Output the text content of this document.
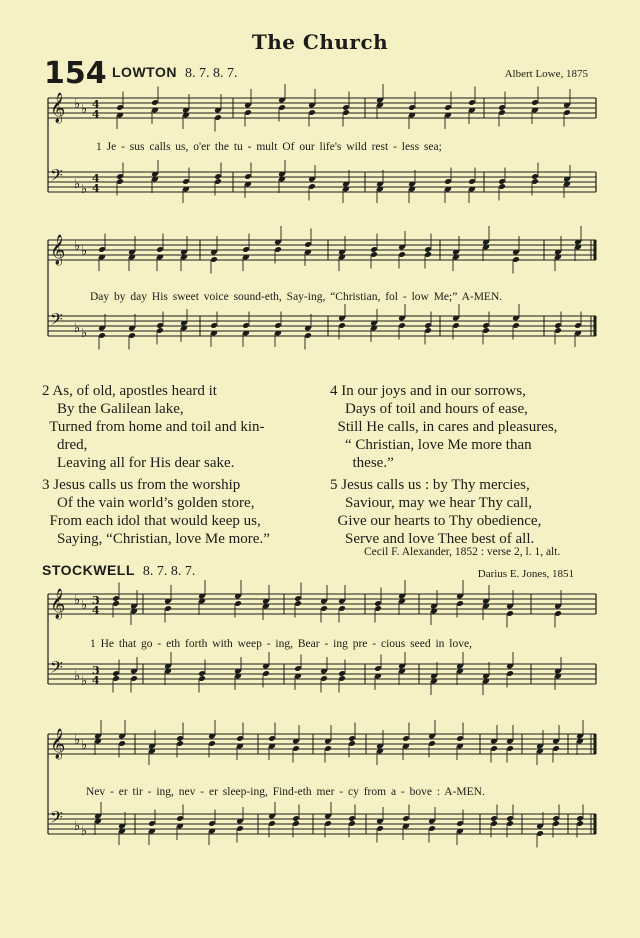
The Church
154 LOWTON 8. 7. 8. 7.	Albert Lowe, 1875
𝄞 ♭ ♭ 4
4
𝄢 ♭ ♭
4
4
1 Je - sus calls us, o'er the tu - mult Of our life's wild rest - less sea;
𝄞 ♭ ♭
𝄢 ♭ ♭
Day by day His sweet voice sound-eth, Say-ing, “Christian, fol - low Me;” A-MEN.
2 As, of old, apostles heard it
By the Galilean lake,
Turned from home and toil and kin-
dred,
Leaving all for His dear sake.
4 In our joys and in our sorrows,
Days of toil and hours of ease,
Still He calls, in cares and pleasures,
“ Christian, love Me more than
these.”
3 Jesus calls us from the worship
Of the vain world’s golden store,
From each idol that would keep us,
Saying, “Christian, love Me more.”
5 Jesus calls us : by Thy mercies,
Saviour, may we hear Thy call,
Give our hearts to Thy obedience,
Serve and love Thee best of all.
Cecil F. Alexander, 1852 : verse 2, l. 1, alt.
STOCKWELL 8. 7. 8. 7.	Darius E. Jones, 1851
𝄞 ♭ ♭ 3
4
𝄢 ♭ ♭
3
4
1 He that go - eth forth with weep - ing, Bear - ing pre - cious seed in love,
𝄞 ♭ ♭
𝄢 ♭ ♭
Nev - er tir - ing, nev - er sleep-ing, Find-eth mer - cy from a - bove : A-MEN.
